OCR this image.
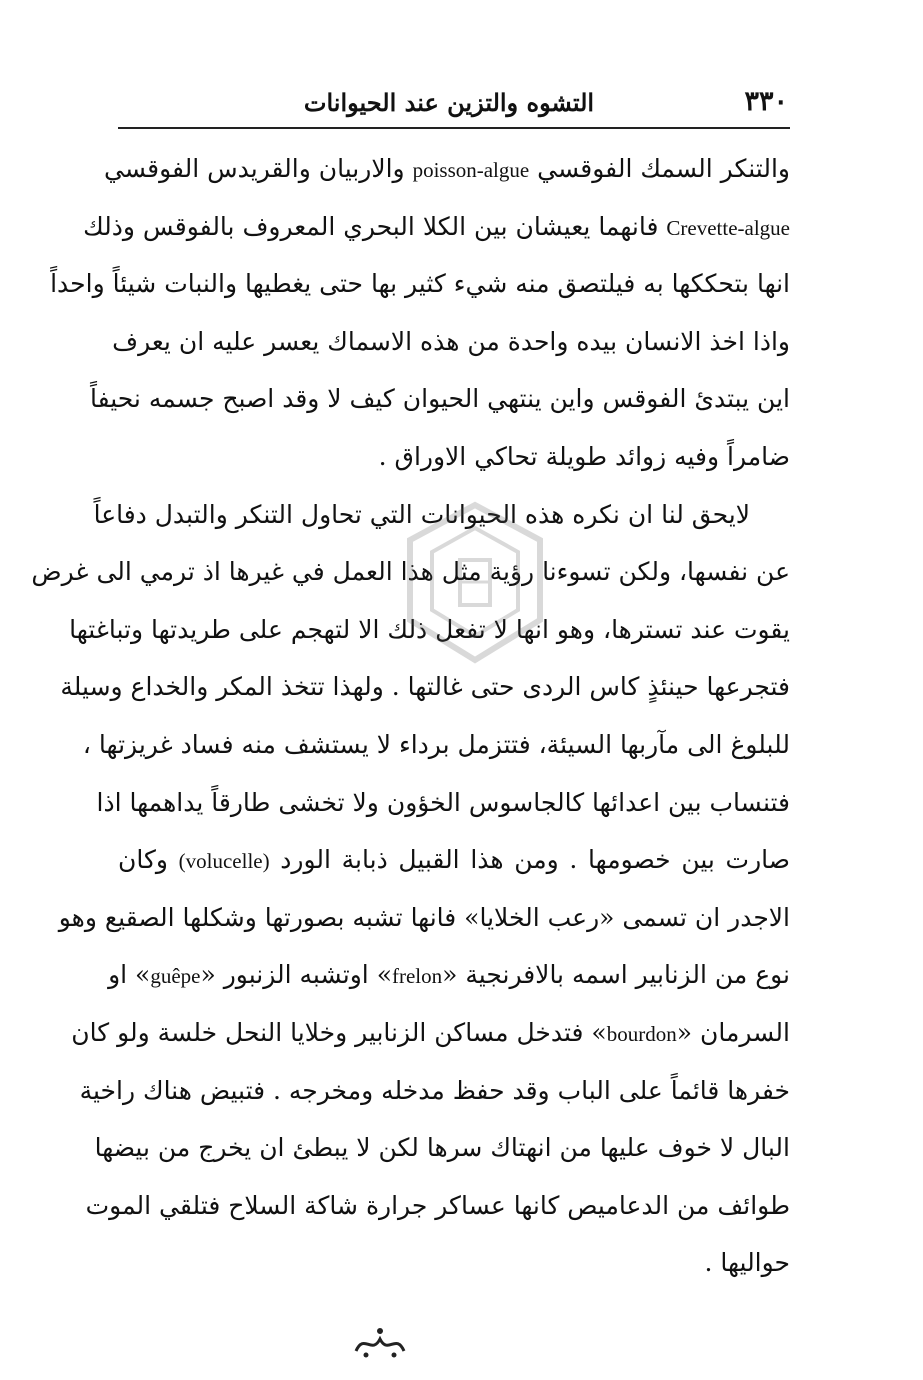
٣٣٠
التشوه والتزين عند الحيوانات
والتنكر السمك الفوقسي poisson-algue والاربيان والقريدس الفوقسي
Crevette-algue فانهما يعيشان بين الكلا البحري المعروف بالفوقس وذلك
انها بتحككها به فيلتصق منه شيء كثير بها حتى يغطيها والنبات شيئاً واحداً
واذا اخذ الانسان بيده واحدة من هذه الاسماك يعسر عليه ان يعرف
اين يبتدئ الفوقس واين ينتهي الحيوان كيف لا وقد اصبح جسمه نحيفاً
ضامراً وفيه زوائد طويلة تحاكي الاوراق .
لايحق لنا ان نكره هذه الحيوانات التي تحاول التنكر والتبدل دفاعاً
عن نفسها، ولكن تسوءنا رؤية مثل هذا العمل في غيرها اذ ترمي الى غرض
يقوت عند تسترها، وهو انها لا تفعل ذلك الا لتهجم على طريدتها وتباغتها
فتجرعها حينئذٍ كاس الردى حتى غالتها . ولهذا تتخذ المكر والخداع وسيلة
للبلوغ الى مآربها السيئة، فتتزمل برداء لا يستشف منه فساد غريزتها ،
فتنساب بين اعدائها كالجاسوس الخؤون ولا تخشى طارقاً يداهمها اذا
صارت بين خصومها . ومن هذا القبيل ذبابة الورد (volucelle) وكان
الاجدر ان تسمى «رعب الخلايا» فانها تشبه بصورتها وشكلها الصقيع وهو
نوع من الزنابير اسمه بالافرنجية «frelon» اوتشبه الزنبور «guêpe» او
السرمان «bourdon» فتدخل مساكن الزنابير وخلايا النحل خلسة ولو كان
خفرها قائماً على الباب وقد حفظ مدخله ومخرجه . فتبيض هناك راخية
البال لا خوف عليها من انهتاك سرها لكن لا يبطئ ان يخرج من بيضها
طوائف من الدعاميص كانها عساكر جرارة شاكة السلاح فتلقي الموت
حواليها .
